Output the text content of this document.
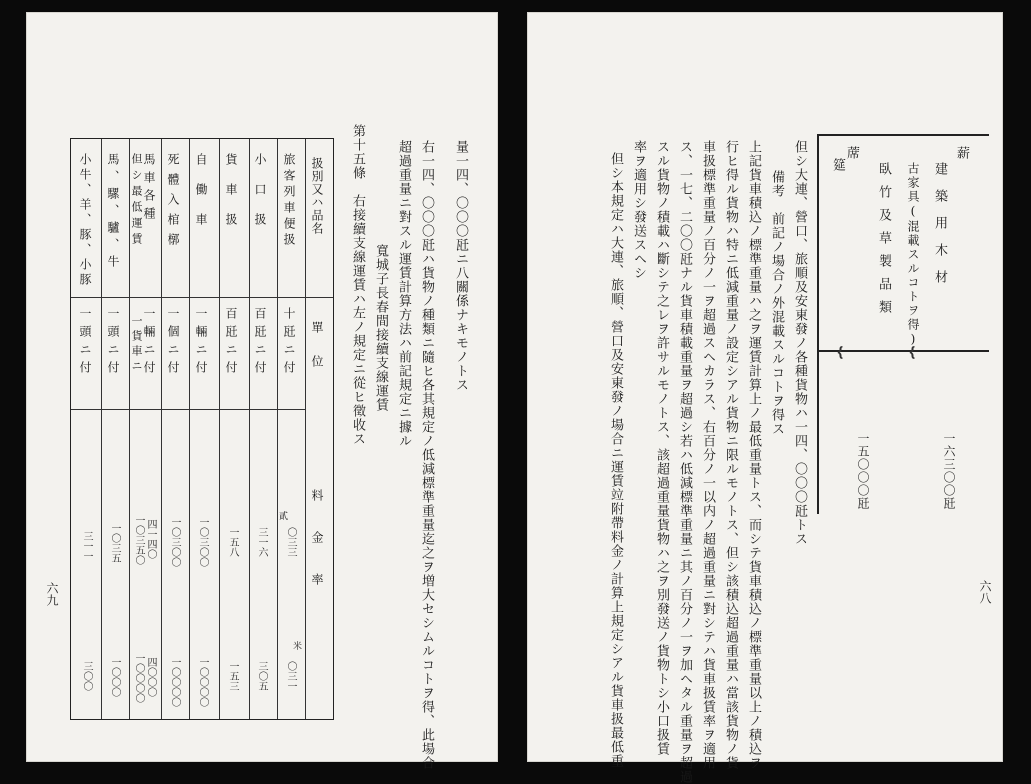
量一四、〇〇〇瓩ニ八關係ナキモノトス
右一四、〇〇〇瓩ハ貨物ノ種類ニ隨ヒ各其規定ノ低減標準重量迄之ヲ増大セシムルコトヲ得、此場合
超過重量ニ對スル運賃計算方法ハ前記規定ニ據ル
寬城子長春間接續支線運賃
第十五條　右接續支線運賃ハ左ノ規定ニ從ヒ徵收ス
扱別又ハ品名
單位
料金率
旅客列車便扱
十瓩ニ付
〇三三
〇三一
貳
米
小口扱
百瓩ニ付
三一六
三〇五
貨車扱
百瓩ニ付
一五八
一五三
自働車
一輛ニ付
一〇三〇〇
一〇〇〇〇
死體入棺槨
一個ニ付
一〇三〇〇
一〇〇〇〇
馬車各種
但シ最低運賃
一輛ニ付
一貨車ニ
四一四〇
一〇三五〇
四〇〇〇
一〇〇〇〇
馬、騾、驢、牛
一頭ニ付
一〇三五
一〇〇〇
小牛、羊、豚、小豚
一頭ニ付
三一一
三〇〇
六九
薪
建築用木材
古家具(混載スルコトヲ得)
臥竹及草製品類
蓆
筵
⏟
⏟
一六三〇〇瓩
一五〇〇〇瓩
但シ大連、營口、旅順及安東發ノ各種貨物ハ一四、〇〇〇瓩トス
備考　前記ノ場合ノ外混載スルコトヲ得ス
上記貨車積込ノ標準重量ハ之ヲ運賃計算上ノ最低重量トス、而シテ貨車積込ノ標準重量以上ノ積込ヲ
行ヒ得ル貨物ハ特ニ低減重量ノ設定シアル貨物ニ限ルモノトス、但シ該積込超過重量ハ當該貨物ノ貨
車扱標準重量ノ百分ノ一ヲ超過スヘカラス、右百分ノ一以内ノ超過重量ニ對シテハ貨車扱賃率ヲ適用
ス、一七、二〇〇瓩ナル貨車積載重量ヲ超過シ若ハ低減標準重量ニ其ノ百分ノ一ヲ加ヘタル重量ヲ超過
スル貨物ノ積載ハ斷シテ之レヲ許サルモノトス、該超過重量貨物ハ之ヲ別發送ノ貨物トシ小口扱賃
率ヲ適用シ發送スヘシ
但シ本規定ハ大連、旅順、營口及安東發ノ場合ニ運賃竝附帶料金ノ計算上規定シアル貨車扱最低重	六八
